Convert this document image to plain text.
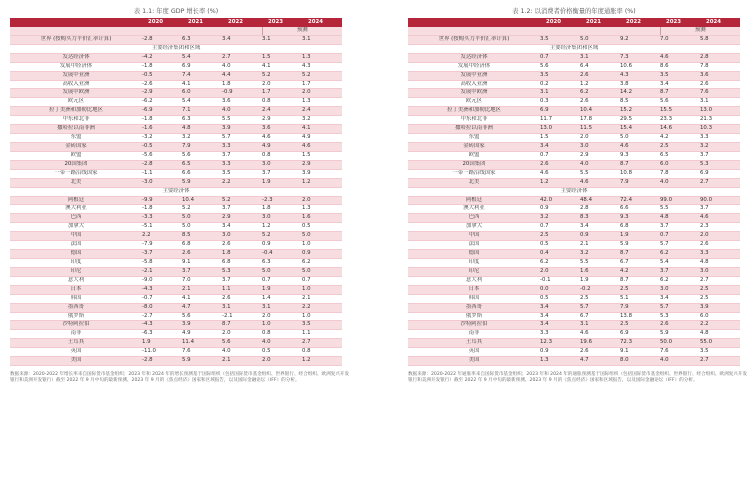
表 1.1: 年度 GDP 增长率 (%)
	2020	2021	2022	2023	2024
				预测	
世界 (按购买力平价汇率计算)	-2.8	6.3	3.4	3.1	3.1
主要经济集团和区域					
发达经济体	-4.2	5.4	2.7	1.5	1.3
发展中经济体	-1.8	6.9	4.0	4.1	4.3
发展中亚洲	-0.5	7.4	4.4	5.2	5.2
高收入亚洲	-2.6	4.1	1.8	2.0	1.7
发展中欧洲	-2.9	6.0	-0.9	1.7	2.0
欧元区	-6.2	5.4	3.6	0.8	1.3
拉丁美洲和加勒比地区	-6.9	7.1	4.0	2.4	2.4
中东和北非	-1.8	6.3	5.5	2.9	3.2
撒哈拉以南非洲	-1.6	4.8	3.9	3.6	4.1
东盟	-3.2	3.2	5.7	4.6	4.9
金砖国家	-0.5	7.9	3.3	4.9	4.6
欧盟	-5.6	5.6	3.7	0.8	1.5
20国集团	-2.8	6.5	3.3	3.0	2.9
一带一路沿线国家	-1.1	6.6	3.5	3.7	3.9
北美	-3.0	5.9	2.2	1.9	1.2
主要经济体					
阿根廷	-9.9	10.4	5.2	-2.3	2.0
澳大利亚	-1.8	5.2	3.7	1.8	1.3
巴西	-3.3	5.0	2.9	3.0	1.6
加拿大	-5.1	5.0	3.4	1.2	0.5
中国	2.2	8.5	3.0	5.2	5.0
法国	-7.9	6.8	2.6	0.9	1.0
德国	-3.7	2.6	1.8	-0.4	0.9
印度	-5.8	9.1	6.8	6.3	6.2
印尼	-2.1	3.7	5.3	5.0	5.0
意大利	-9.0	7.0	3.7	0.7	0.7
日本	-4.3	2.1	1.1	1.9	1.0
韩国	-0.7	4.1	2.6	1.4	2.1
墨西哥	-8.0	4.7	3.1	3.1	2.2
俄罗斯	-2.7	5.6	-2.1	2.0	1.0
沙特阿拉伯	-4.3	3.9	8.7	1.0	3.5
南非	-6.3	4.9	2.0	0.8	1.1
土耳其	1.9	11.4	5.6	4.0	2.7
英国	-11.0	7.6	4.0	0.5	0.8
美国	-2.8	5.9	2.1	2.0	1.2
数据来源：2020-2022 年增长率来自国际货币基金组织；2023 年和 2024 年的增长预测基于国际组织（包括国际货币基金组织、世界银行、经合组织、欧洲复兴开发银行和美洲开发银行）截至 2022 年 9 月中旬的最新预测、2023 年 9 月的《焦点经济》国家和区域报告，以及国际金融论坛（IFF）的分析。
表 1.2: 以消费者价格衡量的年度通胀率 (%)
	2020	2021	2022	2023	2024
				预测	
世界 (按购买力平价汇率计算)	3.5	5.0	9.2	7.0	5.8
主要经济集团和区域					
发达经济体	0.7	3.1	7.3	4.6	2.8
发展中经济体	5.6	6.4	10.6	8.6	7.8
发展中亚洲	3.5	2.6	4.3	3.5	3.6
高收入亚洲	0.2	1.2	3.8	3.4	2.6
发展中欧洲	3.1	6.2	14.2	8.7	7.6
欧元区	0.3	2.6	8.5	5.6	3.1
拉丁美洲和加勒比地区	6.9	10.4	15.2	15.5	13.0
中东和北非	11.7	17.8	29.5	23.3	21.3
撒哈拉以南非洲	13.0	11.5	15.4	14.6	10.3
东盟	1.5	2.0	5.0	4.2	3.3
金砖国家	3.4	3.0	4.6	2.5	3.2
欧盟	0.7	2.9	9.3	6.5	3.7
20国集团	2.6	4.0	8.7	6.0	5.3
一带一路沿线国家	4.6	5.5	10.8	7.8	6.9
北美	1.2	4.6	7.9	4.0	2.7
主要经济体					
阿根廷	42.0	48.4	72.4	99.0	90.0
澳大利亚	0.9	2.8	6.6	5.5	3.7
巴西	3.2	8.3	9.3	4.8	4.6
加拿大	0.7	3.4	6.8	3.7	2.3
中国	2.5	0.9	1.9	0.7	2.0
法国	0.5	2.1	5.9	5.7	2.6
德国	0.4	3.2	8.7	6.2	3.3
印度	6.2	5.5	6.7	5.4	4.8
印尼	2.0	1.6	4.2	3.7	3.0
意大利	-0.1	1.9	8.7	6.2	2.7
日本	0.0	-0.2	2.5	3.0	2.5
韩国	0.5	2.5	5.1	3.4	2.5
墨西哥	3.4	5.7	7.9	5.7	3.9
俄罗斯	3.4	6.7	13.8	5.3	6.0
沙特阿拉伯	3.4	3.1	2.5	2.6	2.2
南非	3.3	4.6	6.9	5.9	4.8
土耳其	12.3	19.6	72.3	50.0	55.0
英国	0.9	2.6	9.1	7.6	3.5
美国	1.3	4.7	8.0	4.0	2.7
数据来源：2020-2022 年通胀率来自国际货币基金组织；2023 年和 2024 年的通胀预测基于国际组织（包括国际货币基金组织、世界银行、经合组织、欧洲复兴开发银行和美洲开发银行）截至 2022 年 9 月中旬的最新预测、2023 年 9 月的《焦点经济》国家和区域报告，以及国际金融论坛（IFF）的分析。
